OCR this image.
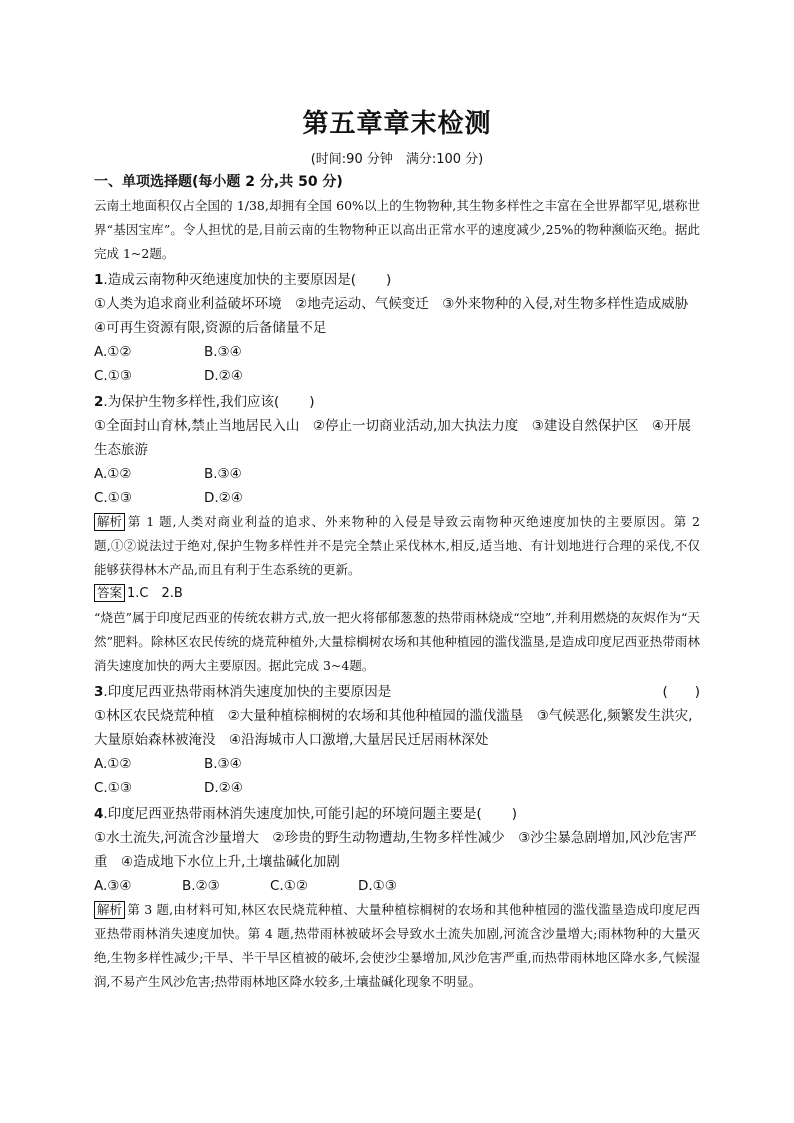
第五章章末检测
(时间:90 分钟　满分:100 分)
一、单项选择题(每小题 2 分,共 50 分)
云南土地面积仅占全国的 1/38,却拥有全国 60%以上的生物物种,其生物多样性之丰富在全世界都罕见,堪称世界“基因宝库”。令人担忧的是,目前云南的生物物种正以高出正常水平的速度减少,25%的物种濒临灭绝。据此完成 1~2题。
1.造成云南物种灭绝速度加快的主要原因是( )
①人类为追求商业利益破坏环境　②地壳运动、气候变迁　③外来物种的入侵,对生物多样性造成威胁　④可再生资源有限,资源的后备储量不足
A.①②	B.③④
C.①③	D.②④
2.为保护生物多样性,我们应该( )
①全面封山育林,禁止当地居民入山　②停止一切商业活动,加大执法力度　③建设自然保护区　④开展生态旅游
A.①②	B.③④
C.①③	D.②④
解析 第 1 题,人类对商业利益的追求、外来物种的入侵是导致云南物种灭绝速度加快的主要原因。第 2题,①②说法过于绝对,保护生物多样性并不是完全禁止采伐林木,相反,适当地、有计划地进行合理的采伐,不仅能够获得林木产品,而且有利于生态系统的更新。
答案 1.C　2.B
“烧芭”属于印度尼西亚的传统农耕方式,放一把火将郁郁葱葱的热带雨林烧成“空地”,并利用燃烧的灰烬作为“天然”肥料。除林区农民传统的烧荒种植外,大量棕榈树农场和其他种植园的滥伐滥垦,是造成印度尼西亚热带雨林消失速度加快的两大主要原因。据此完成 3~4题。
3.印度尼西亚热带雨林消失速度加快的主要原因是	(　　)
①林区农民烧荒种植　②大量种植棕榈树的农场和其他种植园的滥伐滥垦　③气候恶化,频繁发生洪灾,大量原始森林被淹没　④沿海城市人口激增,大量居民迁居雨林深处
A.①②	B.③④
C.①③	D.②④
4.印度尼西亚热带雨林消失速度加快,可能引起的环境问题主要是( )
①水土流失,河流含沙量增大　②珍贵的野生动物遭劫,生物多样性减少　③沙尘暴急剧增加,风沙危害严重　④造成地下水位上升,土壤盐碱化加剧
A.③④	B.②③	C.①②	D.①③
解析 第 3 题,由材料可知,林区农民烧荒种植、大量种植棕榈树的农场和其他种植园的滥伐滥垦造成印度尼西亚热带雨林消失速度加快。第 4 题,热带雨林被破坏会导致水土流失加剧,河流含沙量增大;雨林物种的大量灭绝,生物多样性减少;干旱、半干旱区植被的破坏,会使沙尘暴增加,风沙危害严重,而热带雨林地区降水多,气候湿润,不易产生风沙危害;热带雨林地区降水较多,土壤盐碱化现象不明显。
